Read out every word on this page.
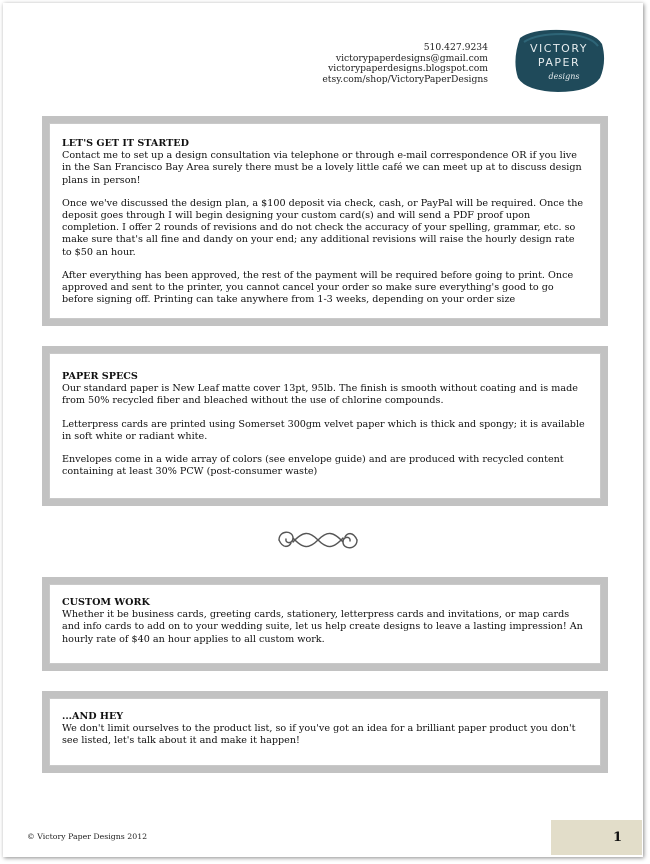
510.427.9234
victorypaperdesigns@gmail.com
victorypaperdesigns.blogspot.com
etsy.com/shop/VictoryPaperDesigns
VICTORY
PAPER
designs
LET'S GET IT STARTED

Contact me to set up a design consultation via telephone or through e-mail correspondence OR if you live in the San Francisco Bay Area surely there must be a lovely little café we can meet up at to discuss design plans in person!

Once we've discussed the design plan, a $100 deposit via check, cash, or PayPal will be required. Once the deposit goes through I will begin designing your custom card(s) and will send a PDF proof upon completion. I offer 2 rounds of revisions and do not check the accuracy of your spelling, grammar, etc. so make sure that's all fine and dandy on your end; any additional revisions will raise the hourly design rate to $50 an hour.

After everything has been approved, the rest of the payment will be required before going to print. Once approved and sent to the printer, you cannot cancel your order so make sure everything's good to go before signing off. Printing can take anywhere from 1-3 weeks, depending on your order size

PAPER SPECS

Our standard paper is New Leaf matte cover 13pt, 95lb. The finish is smooth without coating and is made from 50% recycled fiber and bleached without the use of chlorine compounds.

Letterpress cards are printed using Somerset 300gm velvet paper which is thick and spongy; it is available in soft white or radiant white.

Envelopes come in a wide array of colors (see envelope guide) and are produced with recycled content containing at least 30% PCW (post-consumer waste)

CUSTOM WORK

Whether it be business cards, greeting cards, stationery, letterpress cards and invitations, or map cards and info cards to add on to your wedding suite, let us help create designs to leave a lasting impression! An hourly rate of $40 an hour applies to all custom work.

...AND HEY

We don't limit ourselves to the product list, so if you've got an idea for a brilliant paper product you don't see listed, let's talk about it and make it happen!

© Victory Paper Designs 2012	1
